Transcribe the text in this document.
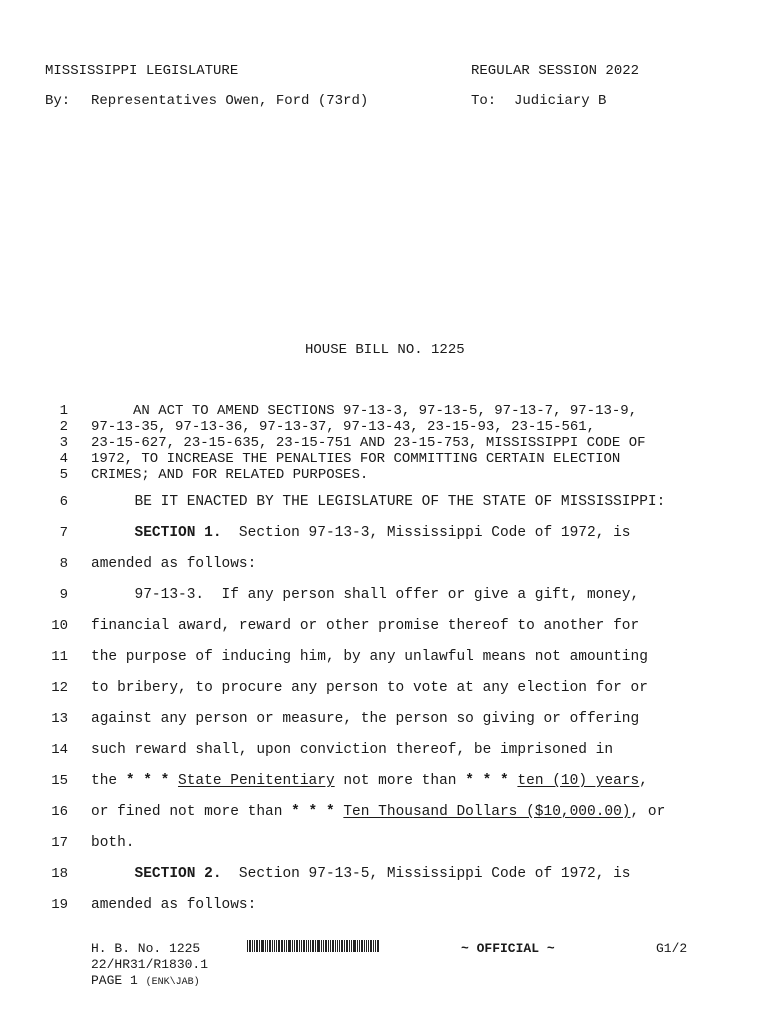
MISSISSIPPI LEGISLATURE	REGULAR SESSION 2022
By: Representatives Owen, Ford (73rd)	To: Judiciary B
HOUSE BILL NO. 1225
1 AN ACT TO AMEND SECTIONS 97-13-3, 97-13-5, 97-13-7, 97-13-9,
2 97-13-35, 97-13-36, 97-13-37, 97-13-43, 23-15-93, 23-15-561,
3 23-15-627, 23-15-635, 23-15-751 AND 23-15-753, MISSISSIPPI CODE OF
4 1972, TO INCREASE THE PENALTIES FOR COMMITTING CERTAIN ELECTION
5 CRIMES; AND FOR RELATED PURPOSES.
6 BE IT ENACTED BY THE LEGISLATURE OF THE STATE OF MISSISSIPPI:
7	SECTION 1.  Section 97-13-3, Mississippi Code of 1972, is
8 amended as follows:
9 97-13-3.  If any person shall offer or give a gift, money,
10 financial award, reward or other promise thereof to another for
11 the purpose of inducing him, by any unlawful means not amounting
12 to bribery, to procure any person to vote at any election for or
13 against any person or measure, the person so giving or offering
14 such reward shall, upon conviction thereof, be imprisoned in
15 the * * * State Penitentiary not more than * * * ten (10) years,
16 or fined not more than * * * Ten Thousand Dollars ($10,000.00), or
17 both.
18	SECTION 2.  Section 97-13-5, Mississippi Code of 1972, is
19 amended as follows:
H. B. No. 1225	~ OFFICIAL ~	G1/2
22/HR31/R1830.1
PAGE 1 (ENK\JAB)
